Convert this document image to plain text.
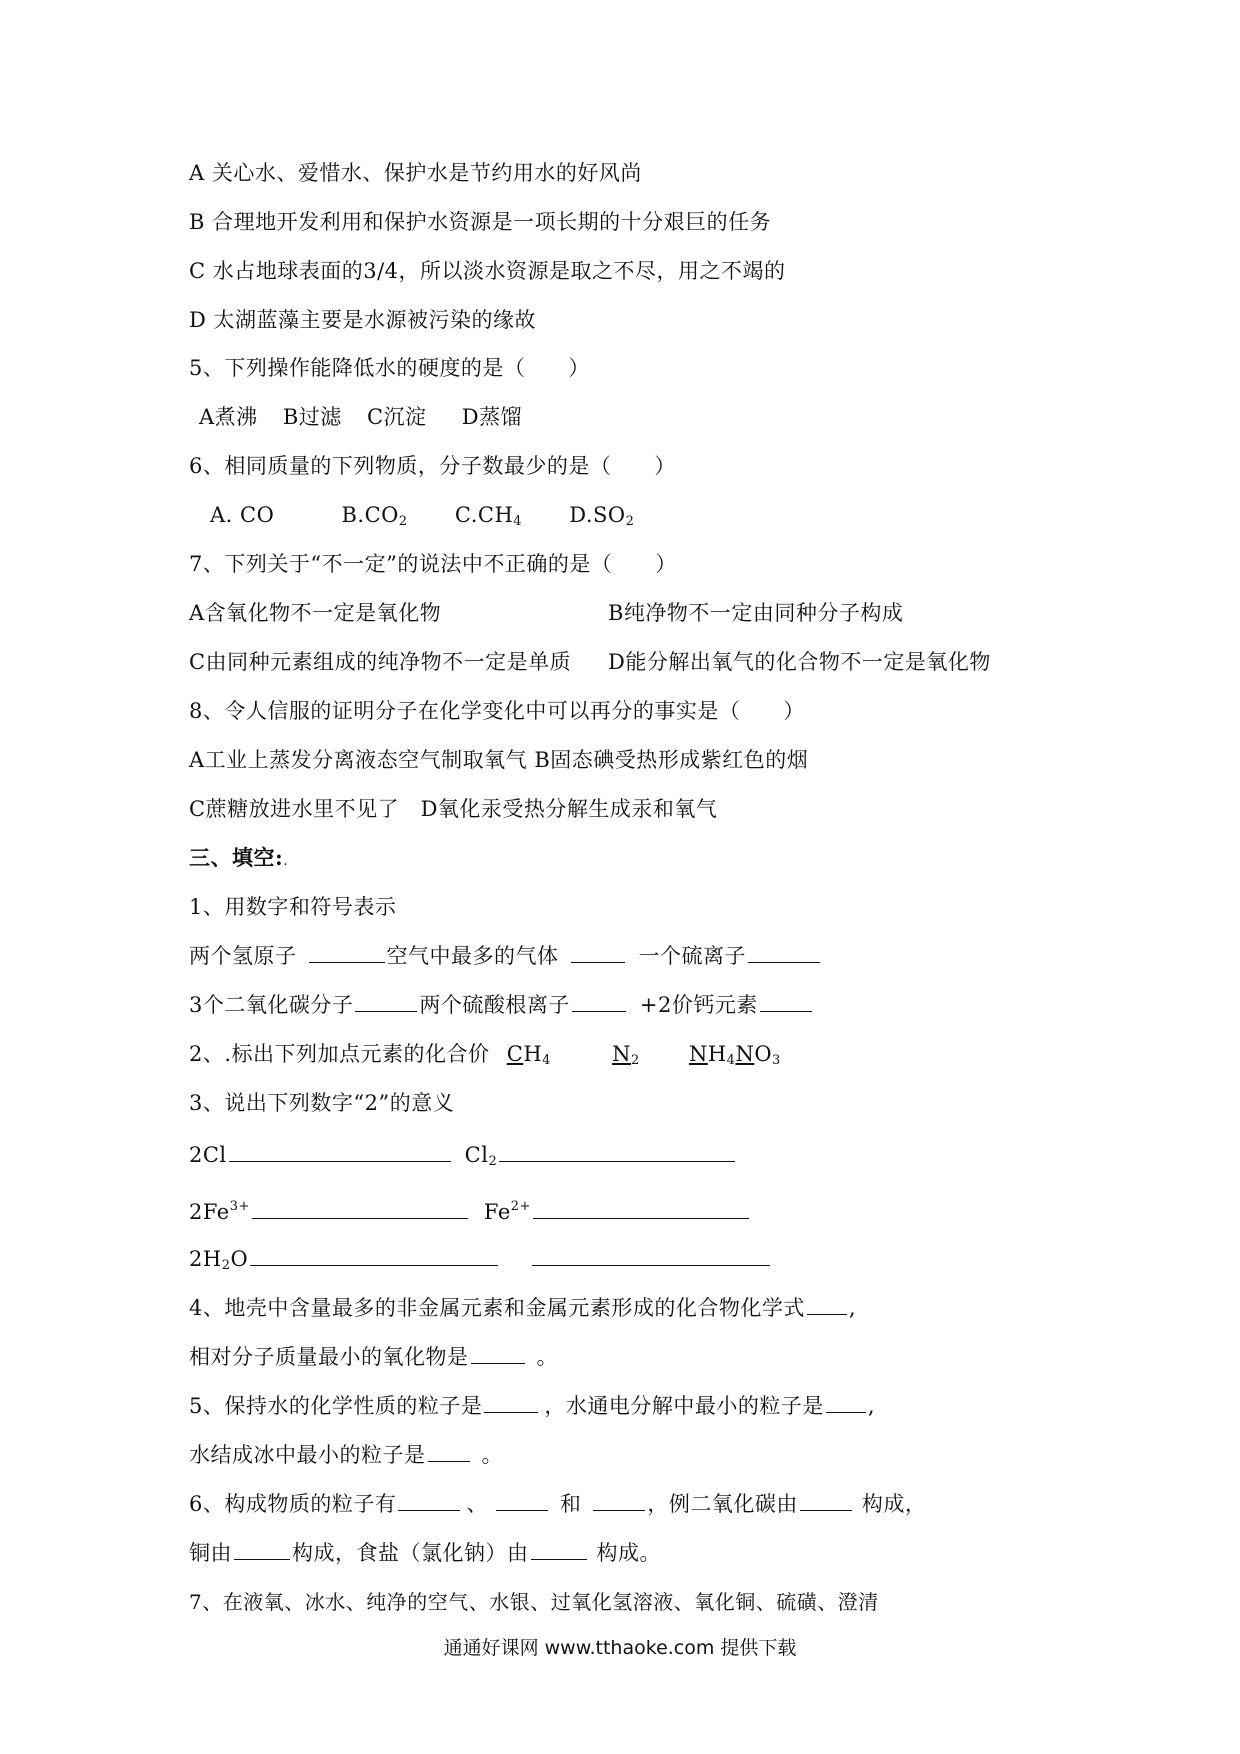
A 关心水、爱惜水、保护水是节约用水的好风尚
B 合理地开发利用和保护水资源是一项长期的十分艰巨的任务
C 水占地球表面的3/4，所以淡水资源是取之不尽，用之不竭的
D 太湖蓝藻主要是水源被污染的缘故
5、下列操作能降低水的硬度的是（　　）
A煮沸 B过滤 C沉淀 D蒸馏
6、相同质量的下列物质，分子数最少的是（　　）
A. CO	$B.CO_2$ $C.CH_4$ $D.SO_2$
7、下列关于“不一定”的说法中不正确的是（　　）
A含氧化物不一定是氧化物	B纯净物不一定由同种分子构成
C由同种元素组成的纯净物不一定是单质 D能分解出氧气的化合物不一定是氧化物
8、令人信服的证明分子在化学变化中可以再分的事实是（　　）
A工业上蒸发分离液态空气制取氧气 B固态碘受热形成紫红色的烟
C蔗糖放进水里不见了　D氧化汞受热分解生成汞和氧气
三、填空:.
1、用数字和符号表示
两个氢原子	空气中最多的气体	一个硫离子
3个二氧化碳分子	两个硫酸根离子	+2价钙元素
2、.标出下列加点元素的化合价 $CH_4$	$N_2$ $NH_4NO_3$
3、说出下列数字“2”的意义
2Cl	$Cl_2$
$2Fe^{3+}$	$Fe^{2+}$
$2H_2O$
4、地壳中含量最多的非金属元素和金属元素形成的化合物化学式 ,
相对分子质量最小的氧化物是	。
5、保持水的化学性质的粒子是	，水通电分解中最小的粒子是 ,
水结成冰中最小的粒子是	。
6、构成物质的粒子有	、	和	，例二氧化碳由	构成，
铜由	构成，食盐（氯化钠）由	构成。
7、在液氧、冰水、纯净的空气、水银、过氧化氢溶液、氧化铜、硫磺、澄清
通通好课网 www.tthaoke.com 提供下载
